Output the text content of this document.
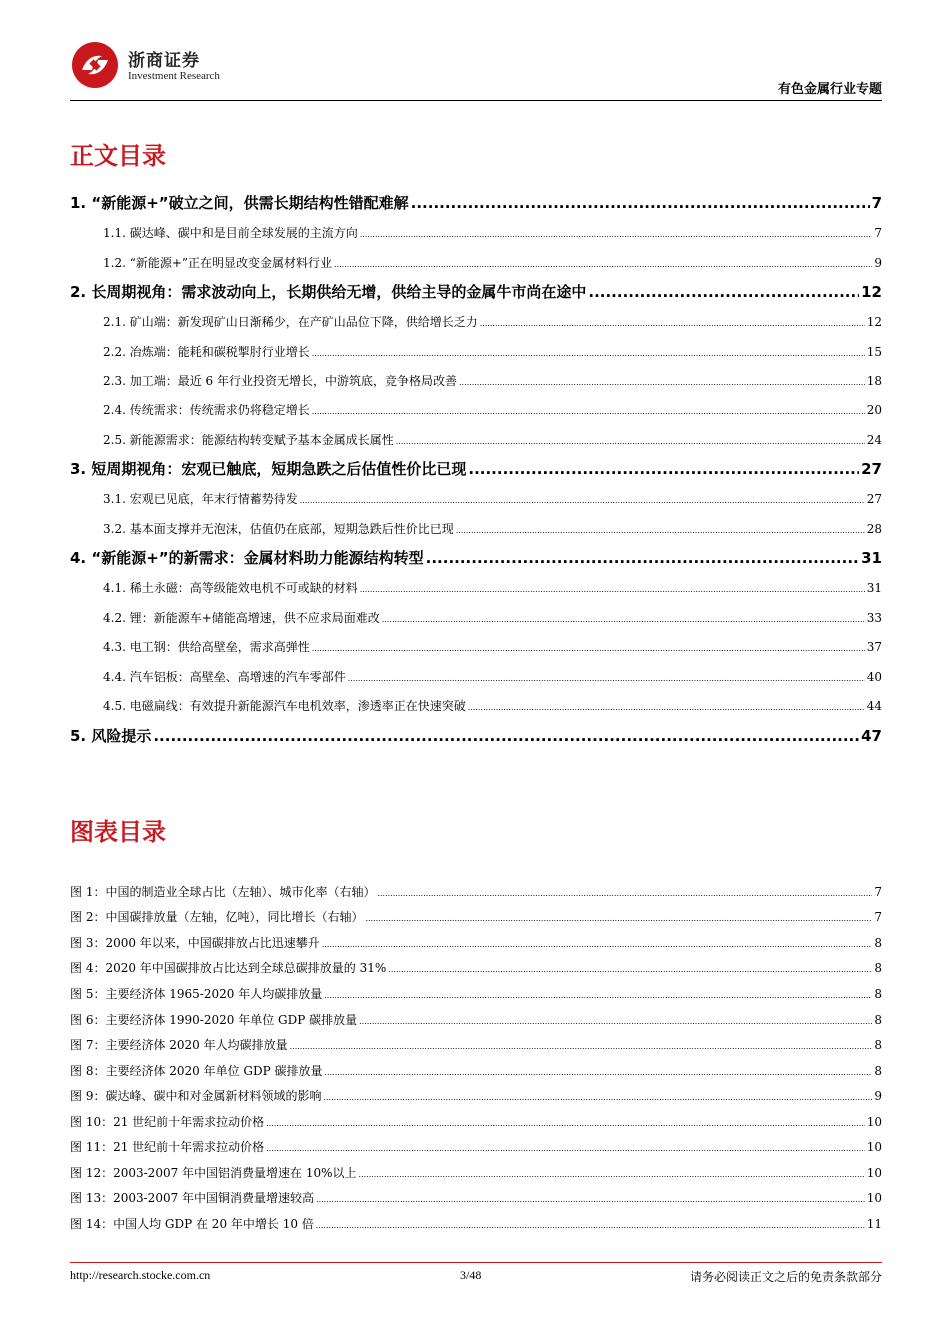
浙商证券
Investment Research
有色金属行业专题
正文目录
1. “新能源+”破立之间，供需长期结构性错配难解 .....	7
1.1. 碳达峰、碳中和是目前全球发展的主流方向 .....	7
1.2. “新能源+”正在明显改变金属材料行业 .....	9
2. 长周期视角：需求波动向上，长期供给无增，供给主导的金属牛市尚在途中 .....	12
2.1. 矿山端：新发现矿山日渐稀少，在产矿山品位下降，供给增长乏力 .....	12
2.2. 冶炼端：能耗和碳税掣肘行业增长 .....	15
2.3. 加工端：最近 6 年行业投资无增长，中游筑底，竞争格局改善 .....	18
2.4. 传统需求：传统需求仍将稳定增长 .....	20
2.5. 新能源需求：能源结构转变赋予基本金属成长属性 .....	24
3. 短周期视角：宏观已触底，短期急跌之后估值性价比已现 .....	27
3.1. 宏观已见底，年末行情蓄势待发 .....	27
3.2. 基本面支撑并无泡沫，估值仍在底部，短期急跌后性价比已现 .....	28
4. “新能源+”的新需求：金属材料助力能源结构转型 .....	31
4.1. 稀土永磁：高等级能效电机不可或缺的材料 .....	31
4.2. 锂：新能源车+储能高增速，供不应求局面难改 .....	33
4.3. 电工钢：供给高壁垒，需求高弹性 .....	37
4.4. 汽车铝板：高壁垒、高增速的汽车零部件 .....	40
4.5. 电磁扁线：有效提升新能源汽车电机效率，渗透率正在快速突破 .....	44
5. 风险提示 .....	47
图表目录
图 1：中国的制造业全球占比（左轴）、城市化率（右轴） .....	7
图 2：中国碳排放量（左轴，亿吨），同比增长（右轴） .....	7
图 3：2000 年以来，中国碳排放占比迅速攀升 .....	8
图 4：2020 年中国碳排放占比达到全球总碳排放量的 31% .....	8
图 5：主要经济体 1965-2020 年人均碳排放量 .....	8
图 6：主要经济体 1990-2020 年单位 GDP 碳排放量 .....	8
图 7：主要经济体 2020 年人均碳排放量 .....	8
图 8：主要经济体 2020 年单位 GDP 碳排放量 .....	8
图 9：碳达峰、碳中和对金属新材料领域的影响 .....	9
图 10：21 世纪前十年需求拉动价格 .....	10
图 11：21 世纪前十年需求拉动价格 .....	10
图 12：2003-2007 年中国铝消费量增速在 10%以上 .....	10
图 13：2003-2007 年中国铜消费量增速较高 .....	10
图 14：中国人均 GDP 在 20 年中增长 10 倍 .....	11
http://research.stocke.com.cn	3/48	请务必阅读正文之后的免责条款部分
